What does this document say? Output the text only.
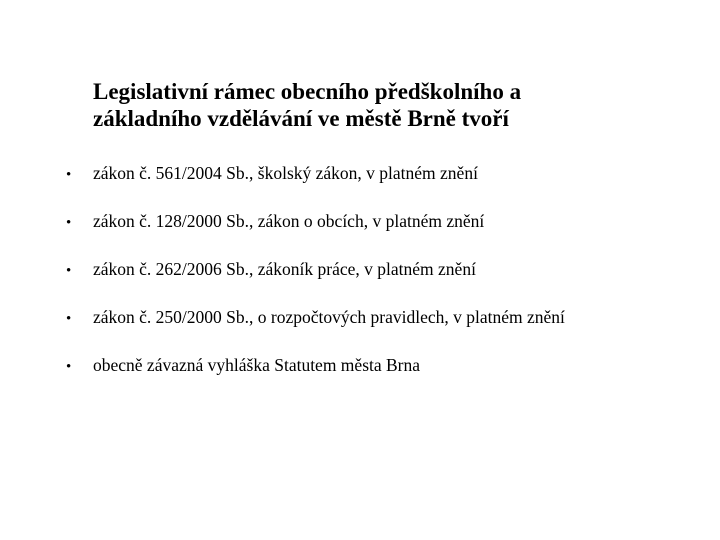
Legislativní rámec obecního předškolního a
základního vzdělávání ve městě Brně tvoří
• zákon č. 561/2004 Sb., školský zákon, v platném znění
• zákon č. 128/2000 Sb., zákon o obcích, v platném znění
• zákon č. 262/2006 Sb., zákoník práce, v platném znění
• zákon č. 250/2000 Sb., o rozpočtových pravidlech, v platném znění
• obecně závazná vyhláška Statutem města Brna
